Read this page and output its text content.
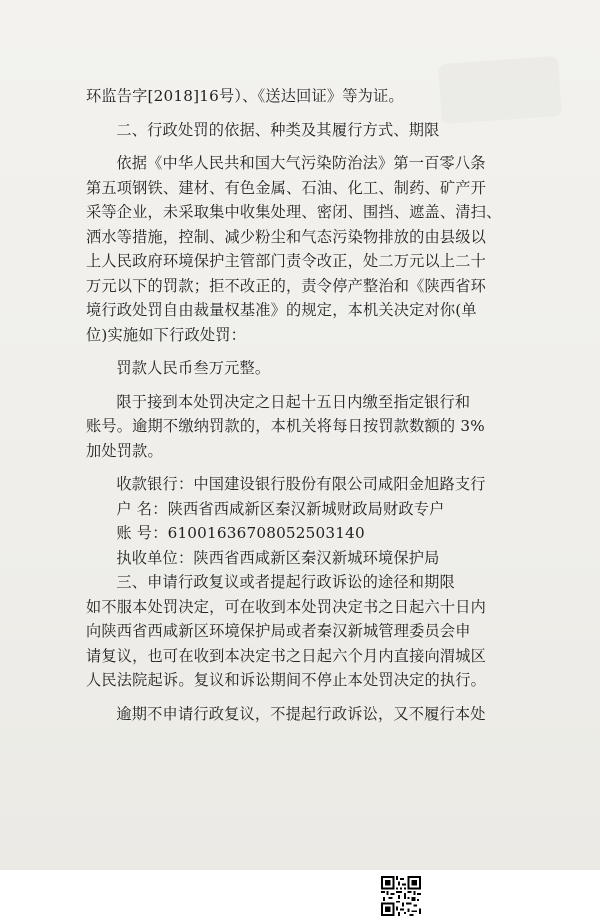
环监告字[2018]16号）、《送达回证》等为证。

二、行政处罚的依据、种类及其履行方式、期限

依据《中华人民共和国大气污染防治法》第一百零八条

第五项钢铁、建材、有色金属、石油、化工、制药、矿产开

采等企业，未采取集中收集处理、密闭、围挡、遮盖、清扫、

洒水等措施，控制、减少粉尘和气态污染物排放的由县级以

上人民政府环境保护主管部门责令改正，处二万元以上二十

万元以下的罚款；拒不改正的，责令停产整治和《陕西省环

境行政处罚自由裁量权基准》的规定，本机关决定对你(单

位)实施如下行政处罚：

罚款人民币叁万元整。

限于接到本处罚决定之日起十五日内缴至指定银行和

账号。逾期不缴纳罚款的，本机关将每日按罚款数额的 3%

加处罚款。

收款银行：中国建设银行股份有限公司咸阳金旭路支行

户 名：陕西省西咸新区秦汉新城财政局财政专户

账 号：61001636708052503140

执收单位：陕西省西咸新区秦汉新城环境保护局

三、申请行政复议或者提起行政诉讼的途径和期限

如不服本处罚决定，可在收到本处罚决定书之日起六十日内

向陕西省西咸新区环境保护局或者秦汉新城管理委员会申

请复议，也可在收到本决定书之日起六个月内直接向渭城区

人民法院起诉。复议和诉讼期间不停止本处罚决定的执行。

逾期不申请行政复议，不提起行政诉讼，又不履行本处
